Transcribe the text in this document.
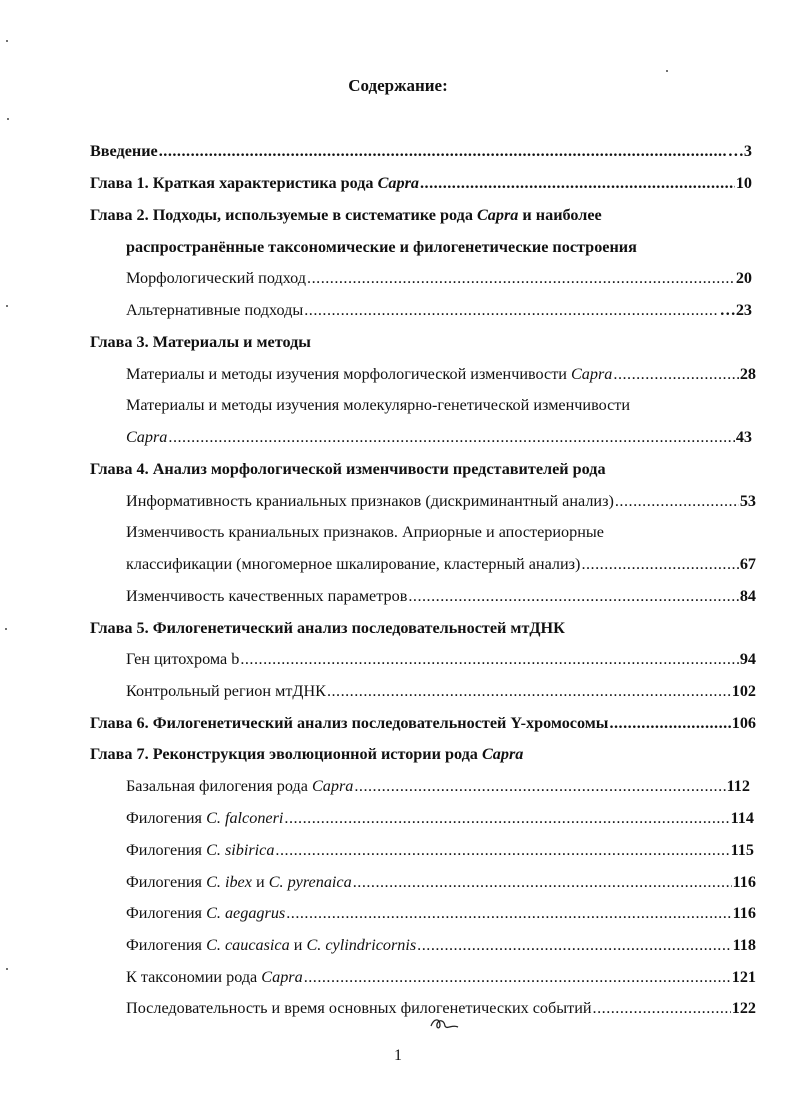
Содержание:
Введение .....	…3
Глава 1. Краткая характеристика рода Capra .....	10
Глава 2. Подходы, используемые в систематике рода Capra и наиболее
распространённые таксономические и филогенетические построения
Морфологический подход .....	20
Альтернативные подходы .....	…23
Глава 3. Материалы и методы
Материалы и методы изучения морфологической изменчивости Capra .....	28
Материалы и методы изучения молекулярно-генетической изменчивости
Capra .....	43
Глава 4. Анализ морфологической изменчивости представителей рода
Информативность краниальных признаков (дискриминантный анализ) .....	53
Изменчивость краниальных признаков. Априорные и апостериорные
классификации (многомерное шкалирование, кластерный анализ) .....	67
Изменчивость качественных параметров .....	84
Глава 5. Филогенетический анализ последовательностей мтДНК
Ген цитохрома b .....	94
Контрольный регион мтДНК .....	102
Глава 6. Филогенетический анализ последовательностей Y-хромосомы .....	106
Глава 7. Реконструкция эволюционной истории рода Capra
Базальная филогения рода Capra .....	112
Филогения C. falconeri .....	114
Филогения C. sibirica .....	115
Филогения C. ibex и C. pyrenaica .....	116
Филогения C. aegagrus .....	116
Филогения C. caucasica и C. cylindricornis .....	118
К таксономии рода Capra .....	121
Последовательность и время основных филогенетических событий .....	122
1
